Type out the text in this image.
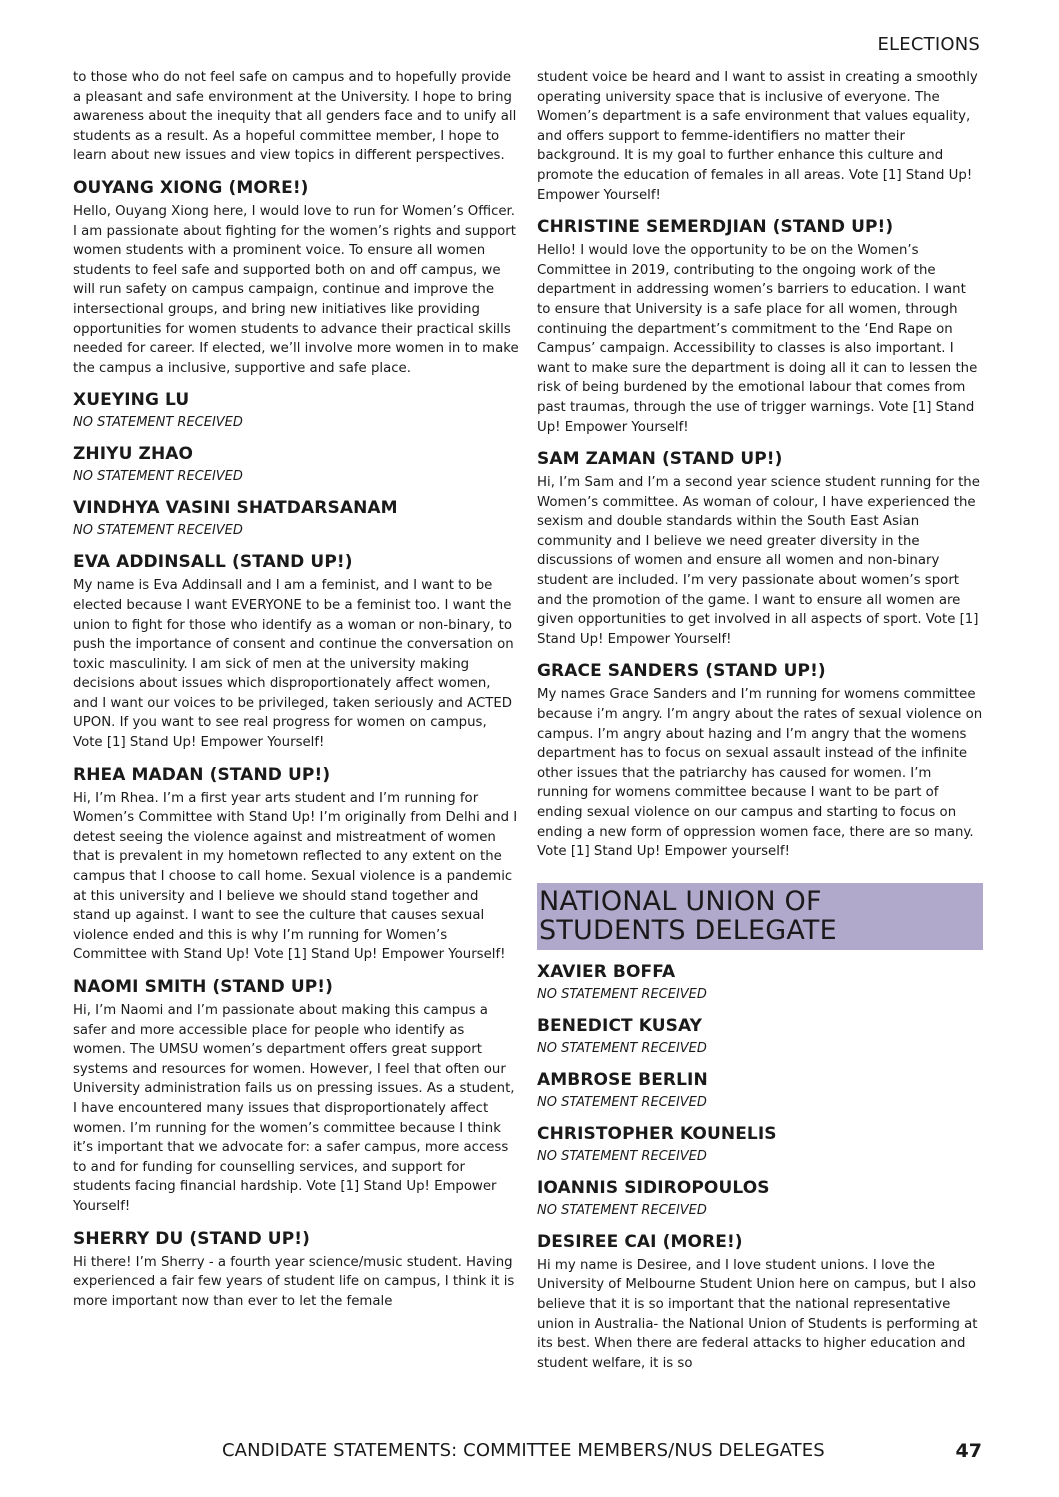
ELECTIONS

to those who do not feel safe on campus and to hopefully provide a pleasant and safe environment at the University. I hope to bring awareness about the inequity that all genders face and to unify all students as a result. As a hopeful committee member, I hope to learn about new issues and view topics in different perspectives.

OUYANG XIONG (MORE!)

Hello, Ouyang Xiong here, I would love to run for Women’s Officer. I am passionate about fighting for the women’s rights and support women students with a prominent voice. To ensure all women students to feel safe and supported both on and off campus, we will run safety on campus campaign, continue and improve the intersectional groups, and bring new initiatives like providing opportunities for women students to advance their practical skills needed for career. If elected, we’ll involve more women in to make the campus a inclusive, supportive and safe place.

XUEYING LU

NO STATEMENT RECEIVED

ZHIYU ZHAO

NO STATEMENT RECEIVED

VINDHYA VASINI SHATDARSANAM

NO STATEMENT RECEIVED

EVA ADDINSALL (STAND UP!)

My name is Eva Addinsall and I am a feminist, and I want to be elected because I want EVERYONE to be a feminist too. I want the union to fight for those who identify as a woman or non-binary, to push the importance of consent and continue the conversation on toxic masculinity. I am sick of men at the university making decisions about issues which disproportionately affect women, and I want our voices to be privileged, taken seriously and ACTED UPON. If you want to see real progress for women on campus, Vote [1] Stand Up! Empower Yourself!

RHEA MADAN (STAND UP!)

Hi, I’m Rhea. I’m a first year arts student and I’m running for Women’s Committee with Stand Up! I’m originally from Delhi and I detest seeing the violence against and mistreatment of women that is prevalent in my hometown reflected to any extent on the campus that I choose to call home. Sexual violence is a pandemic at this university and I believe we should stand together and stand up against. I want to see the culture that causes sexual violence ended and this is why I’m running for Women’s Committee with Stand Up! Vote [1] Stand Up! Empower Yourself!

NAOMI SMITH (STAND UP!)

Hi, I’m Naomi and I’m passionate about making this campus a safer and more accessible place for people who identify as women. The UMSU women’s department offers great support systems and resources for women. However, I feel that often our University administration fails us on pressing issues. As a student, I have encountered many issues that disproportionately affect women. I’m running for the women’s committee because I think it’s important that we advocate for: a safer campus, more access to and for funding for counselling services, and support for students facing financial hardship. Vote [1] Stand Up! Empower Yourself!

SHERRY DU (STAND UP!)

Hi there! I’m Sherry - a fourth year science/music student. Having experienced a fair few years of student life on campus, I think it is more important now than ever to let the female

student voice be heard and I want to assist in creating a smoothly operating university space that is inclusive of everyone. The Women’s department is a safe environment that values equality, and offers support to femme-identifiers no matter their background. It is my goal to further enhance this culture and promote the education of females in all areas. Vote [1] Stand Up! Empower Yourself!

CHRISTINE SEMERDJIAN (STAND UP!)

Hello! I would love the opportunity to be on the Women’s Committee in 2019, contributing to the ongoing work of the department in addressing women’s barriers to education. I want to ensure that University is a safe place for all women, through continuing the department’s commitment to the ‘End Rape on Campus’ campaign. Accessibility to classes is also important. I want to make sure the department is doing all it can to lessen the risk of being burdened by the emotional labour that comes from past traumas, through the use of trigger warnings. Vote [1] Stand Up! Empower Yourself!

SAM ZAMAN (STAND UP!)

Hi, I’m Sam and I’m a second year science student running for the Women’s committee. As woman of colour, I have experienced the sexism and double standards within the South East Asian community and I believe we need greater diversity in the discussions of women and ensure all women and non-binary student are included. I’m very passionate about women’s sport and the promotion of the game. I want to ensure all women are given opportunities to get involved in all aspects of sport. Vote [1] Stand Up! Empower Yourself!

GRACE SANDERS (STAND UP!)

My names Grace Sanders and I’m running for womens committee because i’m angry. I’m angry about the rates of sexual violence on campus. I’m angry about hazing and I’m angry that the womens department has to focus on sexual assault instead of the infinite other issues that the patriarchy has caused for women. I’m running for womens committee because I want to be part of ending sexual violence on our campus and starting to focus on ending a new form of oppression women face, there are so many. Vote [1] Stand Up! Empower yourself!

NATIONAL UNION OF STUDENTS DELEGATE
XAVIER BOFFA

NO STATEMENT RECEIVED

BENEDICT KUSAY

NO STATEMENT RECEIVED

AMBROSE BERLIN

NO STATEMENT RECEIVED

CHRISTOPHER KOUNELIS

NO STATEMENT RECEIVED

IOANNIS SIDIROPOULOS

NO STATEMENT RECEIVED

DESIREE CAI (MORE!)

Hi my name is Desiree, and I love student unions. I love the University of Melbourne Student Union here on campus, but I also believe that it is so important that the national representative union in Australia- the National Union of Students is performing at its best. When there are federal attacks to higher education and student welfare, it is so

CANDIDATE STATEMENTS: COMMITTEE MEMBERS/NUS DELEGATES	47
